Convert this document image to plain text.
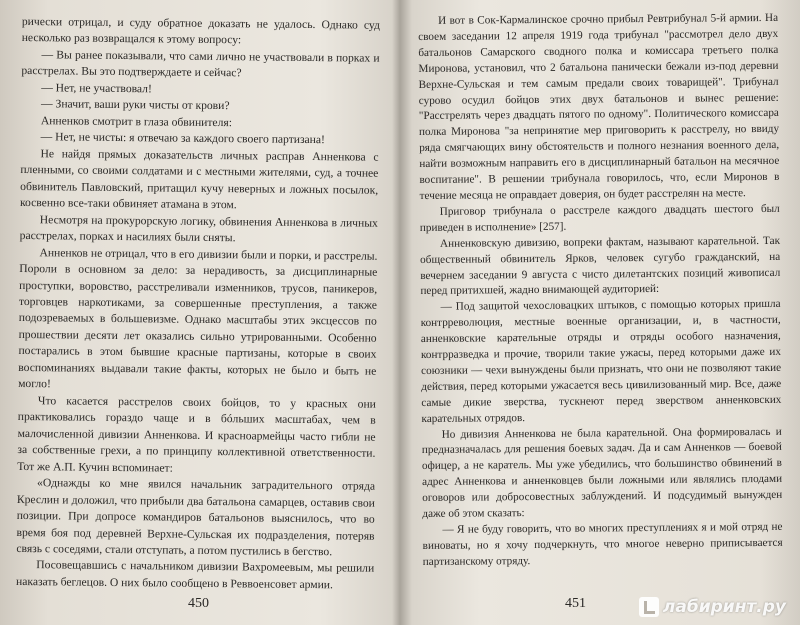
рически отрицал, и суду обратное доказать не удалось. Однако суд несколько раз возвращался к этому вопросу:

— Вы ранее показывали, что сами лично не участвовали в порках и расстрелах. Вы это подтверждаете и сейчас?

— Нет, не участвовал!

— Значит, ваши руки чисты от крови?

Анненков смотрит в глаза обвинителя:

— Нет, не чисты: я отвечаю за каждого своего партизана!

Не найдя прямых доказательств личных расправ Анненкова с пленными, со своими солдатами и с местными жителями, суд, а точнее обвинитель Павловский, притащил кучу неверных и ложных посылок, косвенно все-таки обвиняет атамана в этом.

Несмотря на прокурорскую логику, обвинения Анненкова в личных расстрелах, порках и насилиях были сняты.

Анненков не отрицал, что в его дивизии были и порки, и расстрелы. Пороли в основном за дело: за нерадивость, за дисциплинарные проступки, воровство, расстреливали изменников, трусов, паникеров, торговцев наркотиками, за совершенные преступления, а также подозреваемых в большевизме. Однако масштабы этих эксцессов по прошествии десяти лет оказались сильно утрированными. Особенно постарались в этом бывшие красные партизаны, которые в своих воспоминаниях выдавали такие факты, которых не было и быть не могло!

Что касается расстрелов своих бойцов, то у красных они практиковались гораздо чаще и в бóльших масштабах, чем в малочисленной дивизии Анненкова. И красноармейцы часто гибли не за собственные грехи, а по принципу коллективной ответственности. Тот же А.П. Кучин вспоминает:

«Однажды ко мне явился начальник заградительного отряда Креслин и доложил, что прибыли два батальона самарцев, оставив свои позиции. При допросе командиров батальонов выяснилось, что во время боя под деревней Верхне-Сульская их подразделения, потеряв связь с соседями, стали отступать, а потом пустились в бегство.

Посовещавшись с начальником дивизии Вахромеевым, мы решили наказать беглецов. О них было сообщено в Реввоенсовет армии.

450

И вот в Сок-Кармалинское срочно прибыл Ревтрибунал 5-й армии. На своем заседании 12 апреля 1919 года трибунал "рассмотрел дело двух батальонов Самарского сводного полка и комиссара третьего полка Миронова, установил, что 2 батальона панически бежали из-под деревни Верхне-Сульская и тем самым предали своих товарищей". Трибунал сурово осудил бойцов этих двух батальонов и вынес решение: "Расстрелять через двадцать пятого по одному". Политического комиссара полка Миронова "за непринятие мер приговорить к расстрелу, но ввиду ряда смягчающих вину обстоятельств и полного незнания военного дела, найти возможным направить его в дисциплинарный батальон на месячное воспитание". В решении трибунала говорилось, что, если Миронов в течение месяца не оправдает доверия, он будет расстрелян на месте.

Приговор трибунала о расстреле каждого двадцать шестого был приведен в исполнение» [257].

Анненковскую дивизию, вопреки фактам, называют карательной. Так общественный обвинитель Ярков, человек сугубо гражданский, на вечернем заседании 9 августа с чисто дилетантских позиций живописал перед притихшей, жадно внимающей аудиторией:

— Под защитой чехословацких штыков, с помощью которых пришла контрреволюция, местные военные организации, и, в частности, анненковские карательные отряды и отряды особого назначения, контрразведка и прочие, творили такие ужасы, перед которыми даже их союзники — чехи вынуждены были признать, что они не позволяют такие действия, перед которыми ужасается весь цивилизованный мир. Все, даже самые дикие зверства, тускнеют перед зверством анненковских карательных отрядов.

Но дивизия Анненкова не была карательной. Она формировалась и предназначалась для решения боевых задач. Да и сам Анненков — боевой офицер, а не каратель. Мы уже убедились, что большинство обвинений в адрес Анненкова и анненковцев были ложными или являлись плодами оговоров или добросовестных заблуждений. И подсудимый вынужден даже об этом сказать:

— Я не буду говорить, что во многих преступлениях я и мой отряд не виноваты, но я хочу подчеркнуть, что многое неверно приписывается партизанскому отряду.

451	лабиринт.ру
